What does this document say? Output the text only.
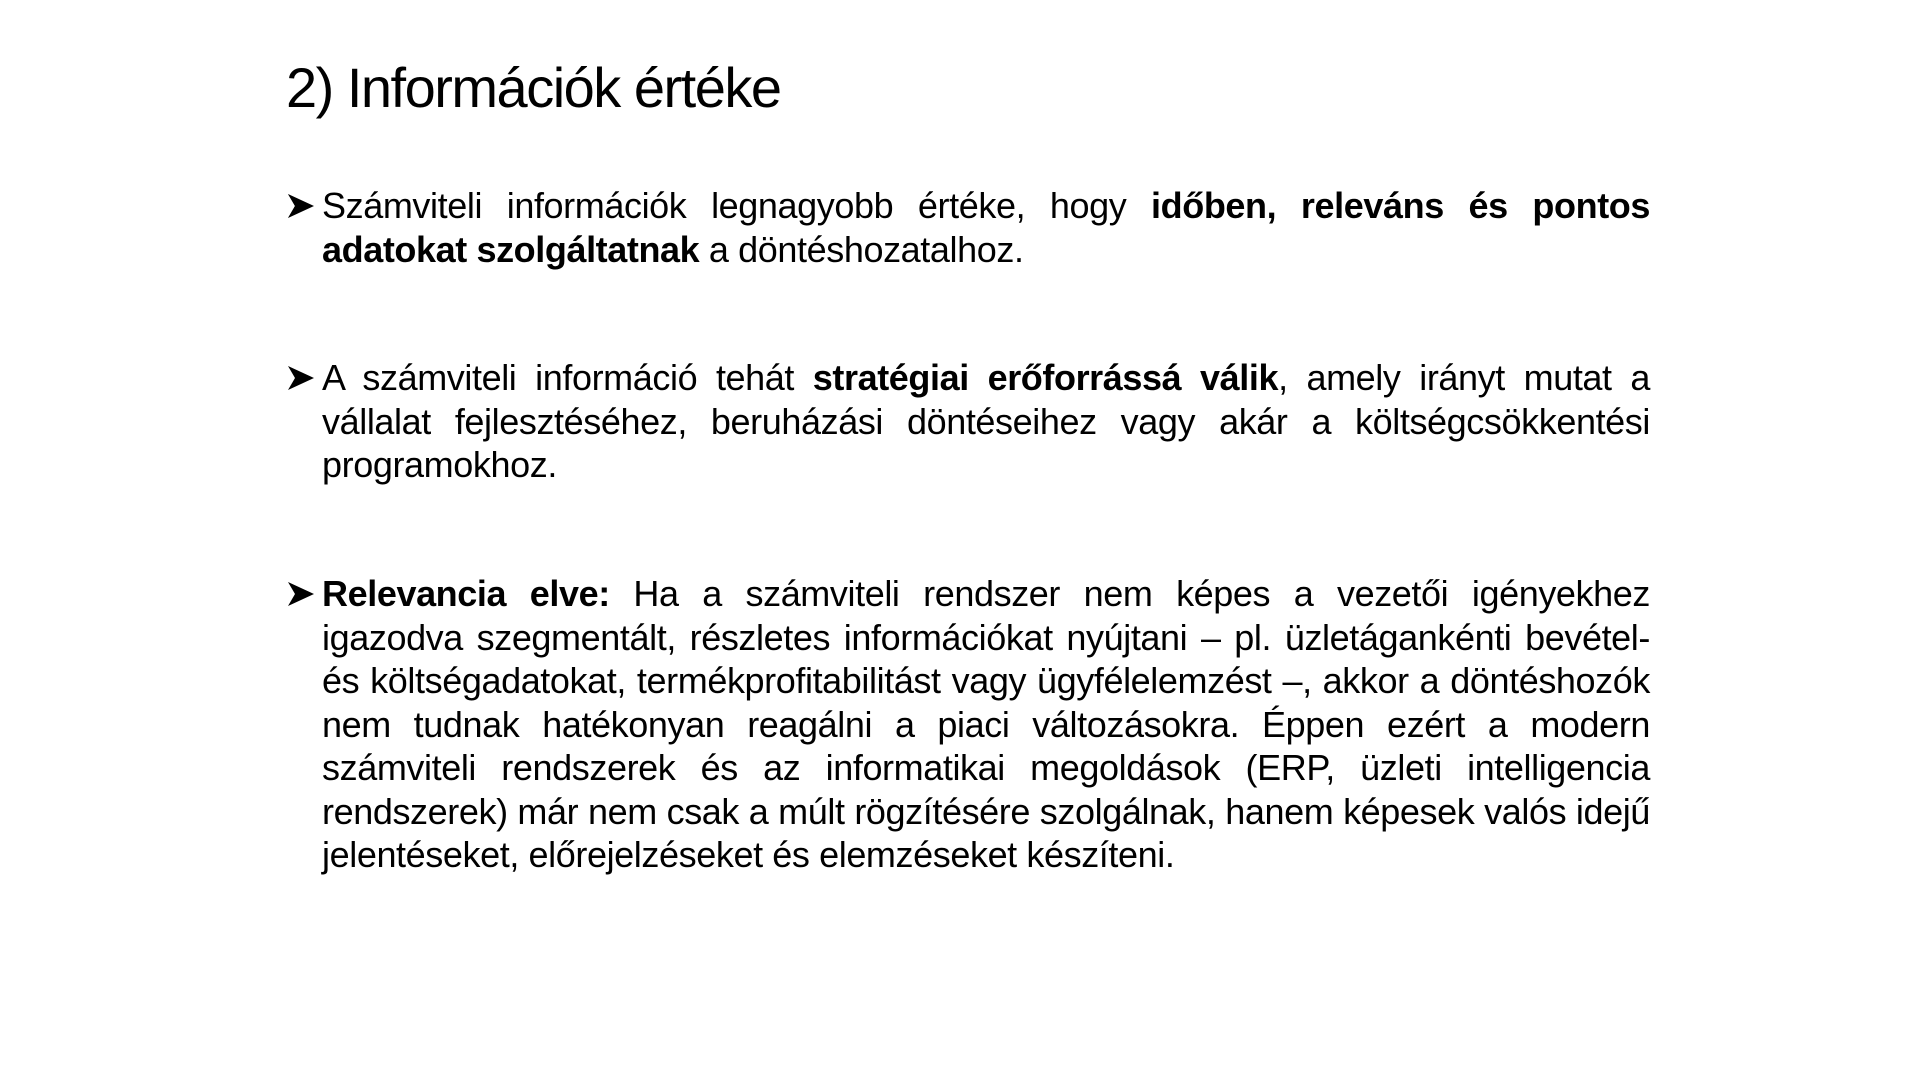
2) Információk értéke

Számviteli információk legnagyobb értéke, hogy időben, releváns és pontos adatokat szolgáltatnak a döntéshozatalhoz.

A számviteli információ tehát stratégiai erőforrássá válik, amely irányt mutat a vállalat fejlesztéséhez, beruházási döntéseihez vagy akár a költségcsökkentési programokhoz.

Relevancia elve: Ha a számviteli rendszer nem képes a vezetői igényekhez igazodva szegmentált, részletes információkat nyújtani – pl. üzletágankénti bevétel- és költségadatokat, termékprofitabilitást vagy ügyfélelemzést –, akkor a döntéshozók nem tudnak hatékonyan reagálni a piaci változásokra. Éppen ezért a modern számviteli rendszerek és az informatikai megoldások (ERP, üzleti intelligencia rendszerek) már nem csak a múlt rögzítésére szolgálnak, hanem képesek valós idejű jelentéseket, előrejelzéseket és elemzéseket készíteni.
